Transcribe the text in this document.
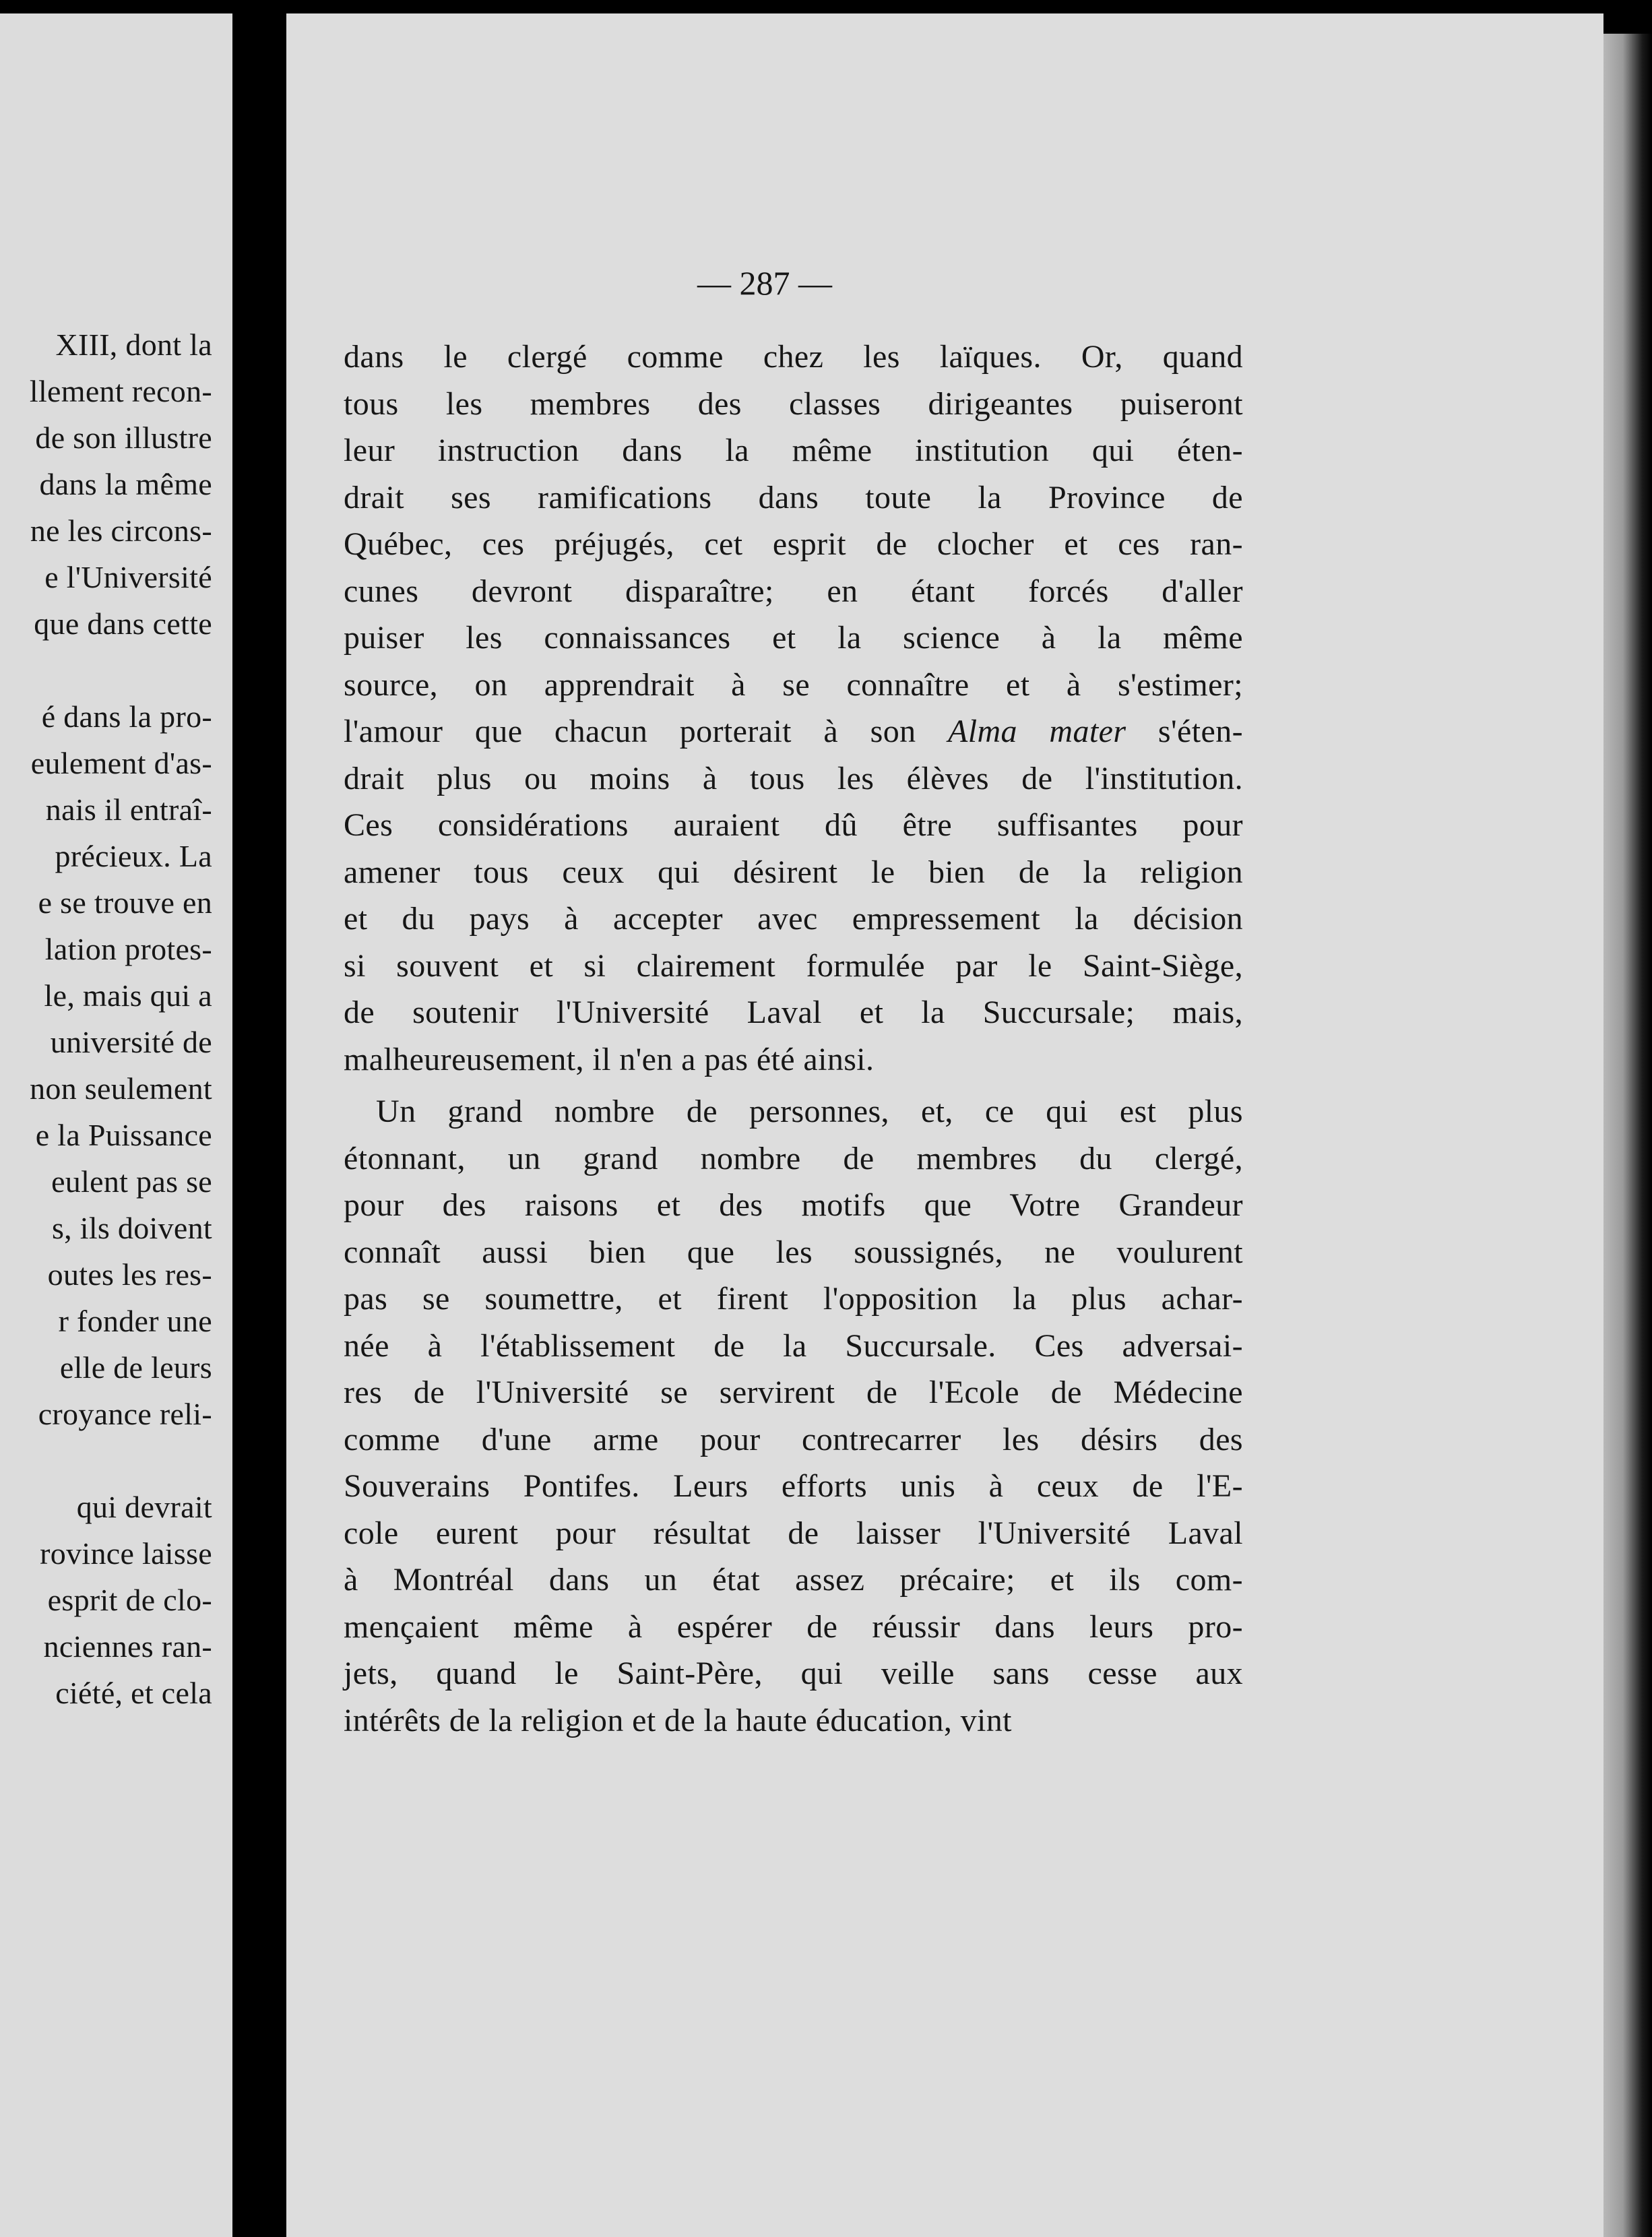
XIII, dont la
llement recon-
de son illustre
dans la même
ne les circons-
e l'Université
que dans cette
é dans la pro-
eulement d'as-
nais il entraî-
précieux. La
e se trouve en
lation protes-
le, mais qui a
université de
non seulement
e la Puissance
eulent pas se
s, ils doivent
outes les res-
r fonder une
elle de leurs
croyance reli-
qui devrait
rovince laisse
esprit de clo-
nciennes ran-
ciété, et cela
— 287 —
dans le clergé comme chez les laïques. Or, quand
tous les membres des classes dirigeantes puiseront
leur instruction dans la même institution qui éten-
drait ses ramifications dans toute la Province de
Québec, ces préjugés, cet esprit de clocher et ces ran-
cunes devront disparaître; en étant forcés d'aller
puiser les connaissances et la science à la même
source, on apprendrait à se connaître et à s'estimer;
l'amour que chacun porterait à son Alma mater s'éten-
drait plus ou moins à tous les élèves de l'institution.
Ces considérations auraient dû être suffisantes pour
amener tous ceux qui désirent le bien de la religion
et du pays à accepter avec empressement la décision
si souvent et si clairement formulée par le Saint-Siège,
de soutenir l'Université Laval et la Succursale; mais,
malheureusement, il n'en a pas été ainsi.
Un grand nombre de personnes, et, ce qui est plus
étonnant, un grand nombre de membres du clergé,
pour des raisons et des motifs que Votre Grandeur
connaît aussi bien que les soussignés, ne voulurent
pas se soumettre, et firent l'opposition la plus achar-
née à l'établissement de la Succursale. Ces adversai-
res de l'Université se servirent de l'Ecole de Médecine
comme d'une arme pour contrecarrer les désirs des
Souverains Pontifes. Leurs efforts unis à ceux de l'E-
cole eurent pour résultat de laisser l'Université Laval
à Montréal dans un état assez précaire; et ils com-
mençaient même à espérer de réussir dans leurs pro-
jets, quand le Saint-Père, qui veille sans cesse aux
intérêts de la religion et de la haute éducation, vint
